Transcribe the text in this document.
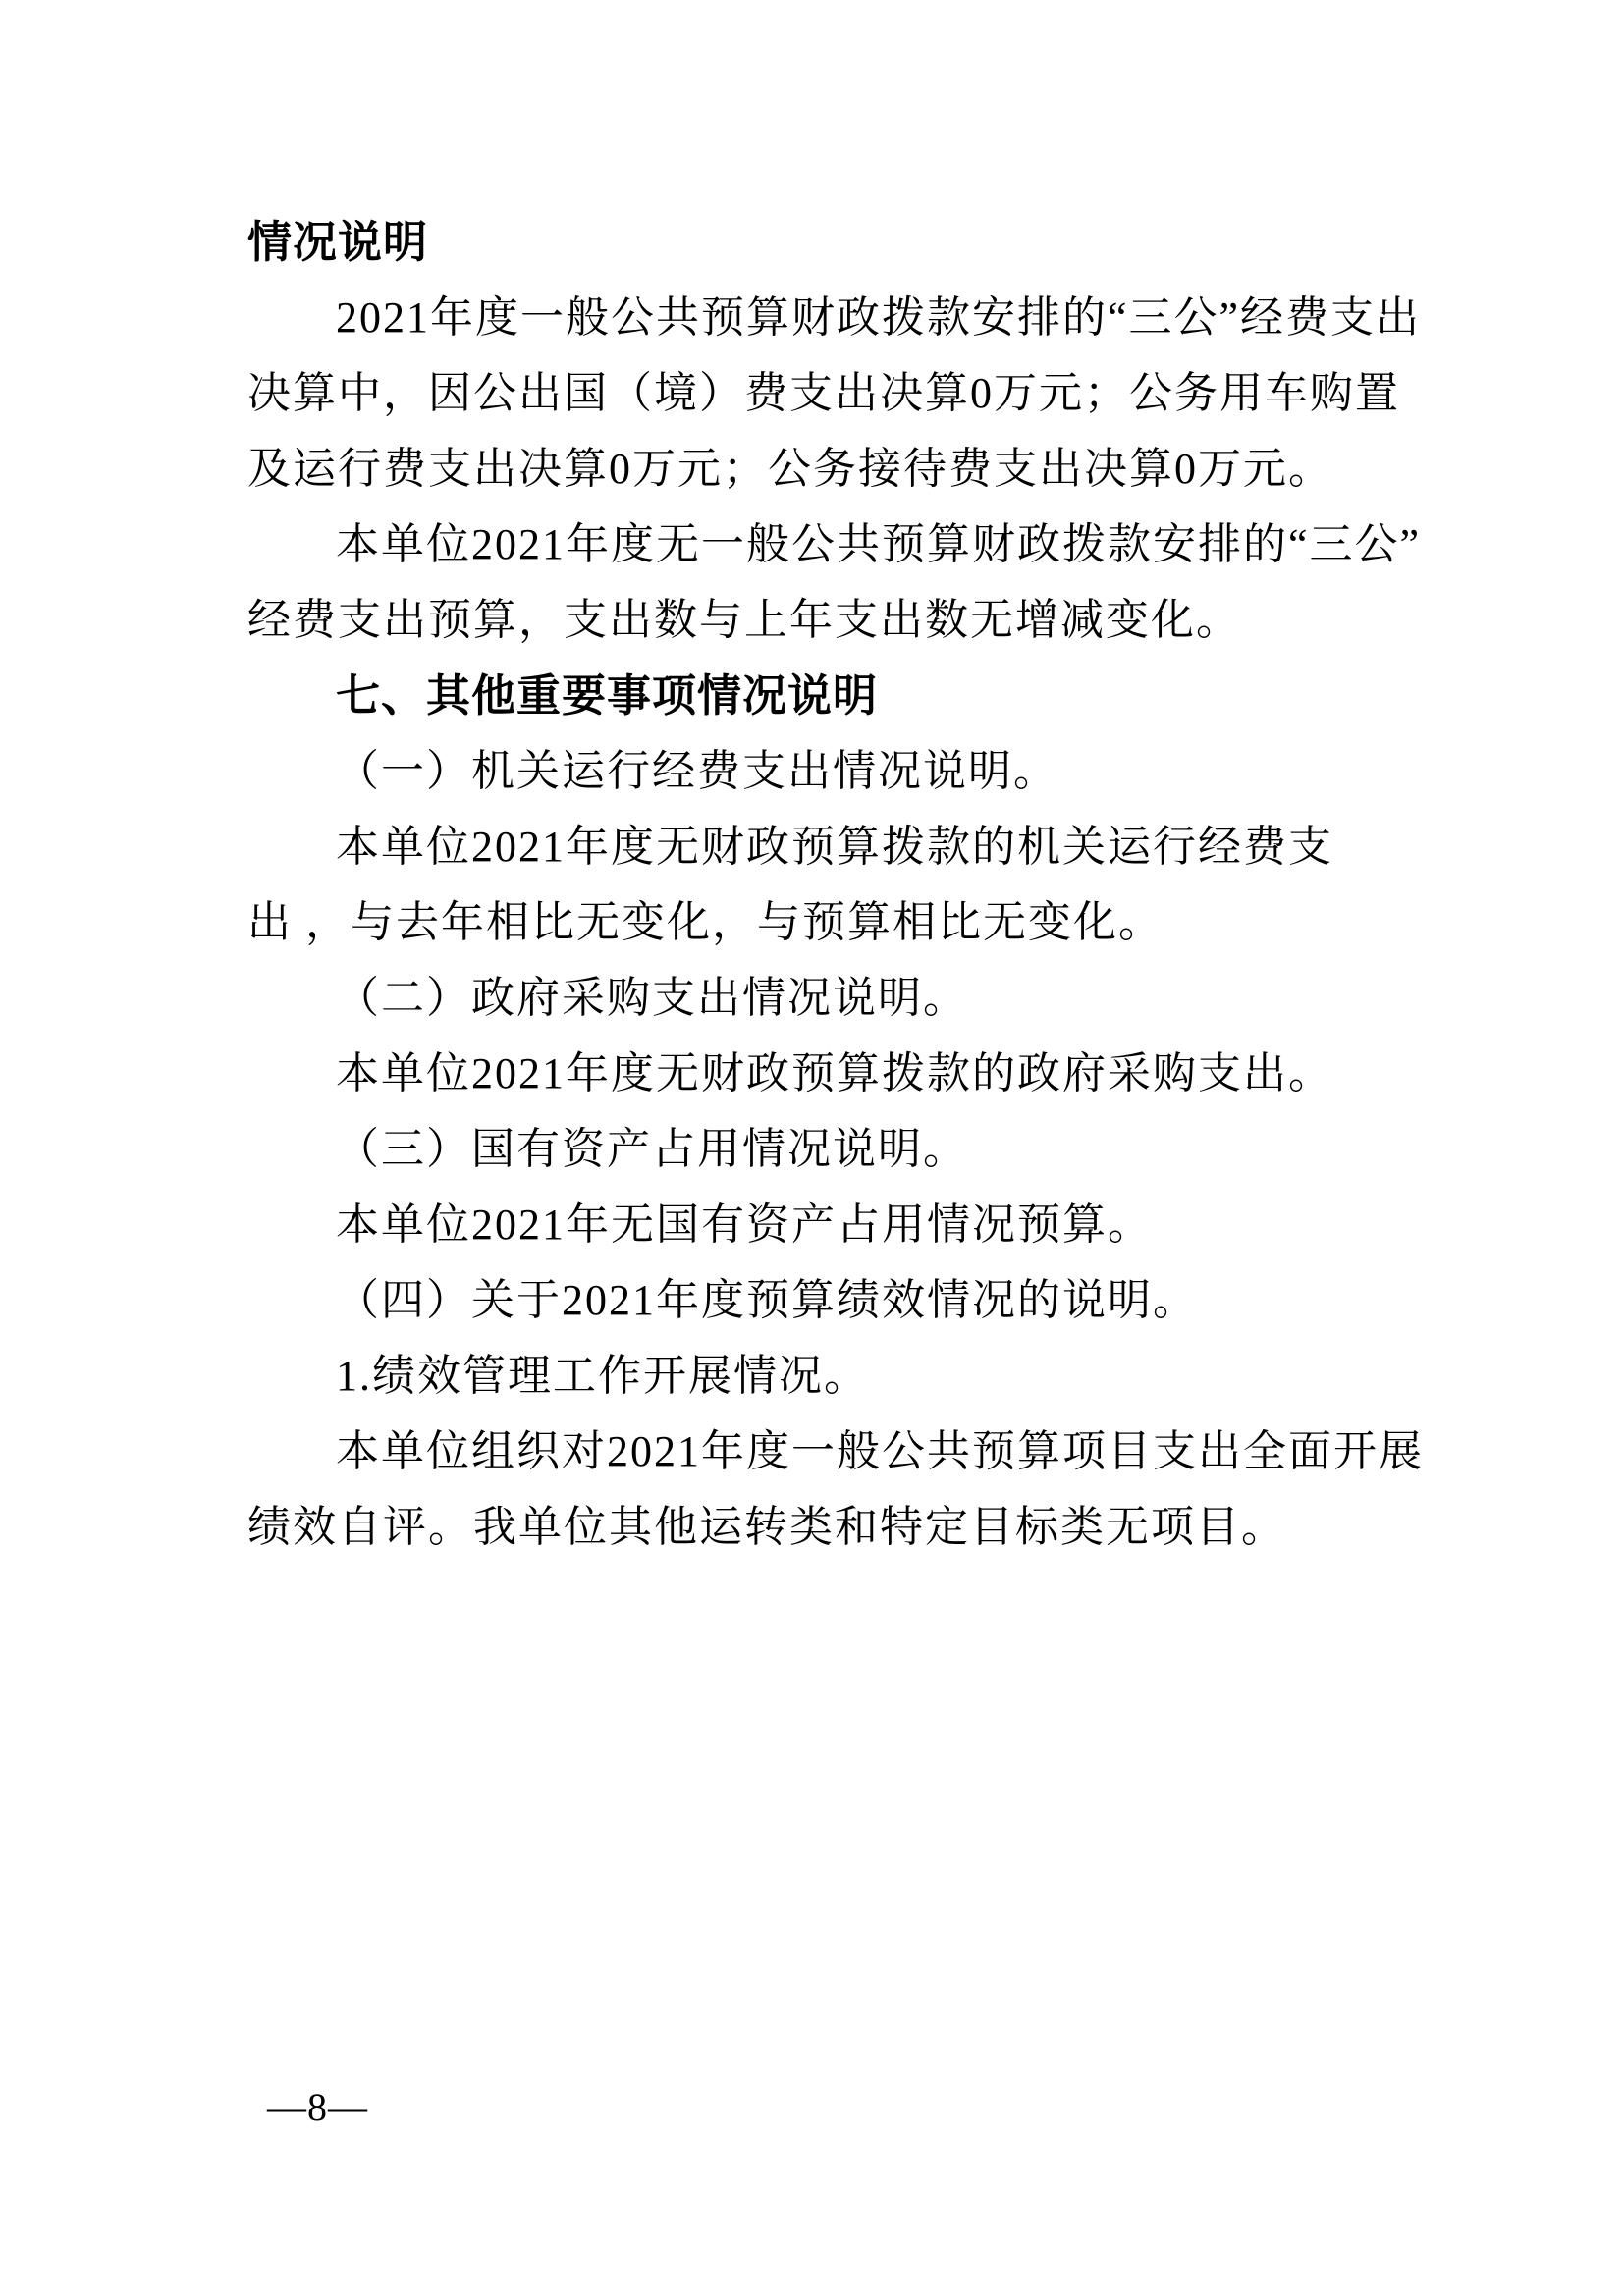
情况说明
2021年度一般公共预算财政拨款安排的“三公”经费支出
决算中，因公出国（境）费支出决算0万元；公务用车购置
及运行费支出决算0万元；公务接待费支出决算0万元。
本单位2021年度无一般公共预算财政拨款安排的“三公”
经费支出预算，支出数与上年支出数无增减变化。
七、其他重要事项情况说明
（一）机关运行经费支出情况说明。
本单位2021年度无财政预算拨款的机关运行经费支
出 ，与去年相比无变化，与预算相比无变化。
（二）政府采购支出情况说明。
本单位2021年度无财政预算拨款的政府采购支出。
（三）国有资产占用情况说明。
本单位2021年无国有资产占用情况预算。
（四）关于2021年度预算绩效情况的说明。
1.绩效管理工作开展情况。
本单位组织对2021年度一般公共预算项目支出全面开展
绩效自评。我单位其他运转类和特定目标类无项目。
—8—
